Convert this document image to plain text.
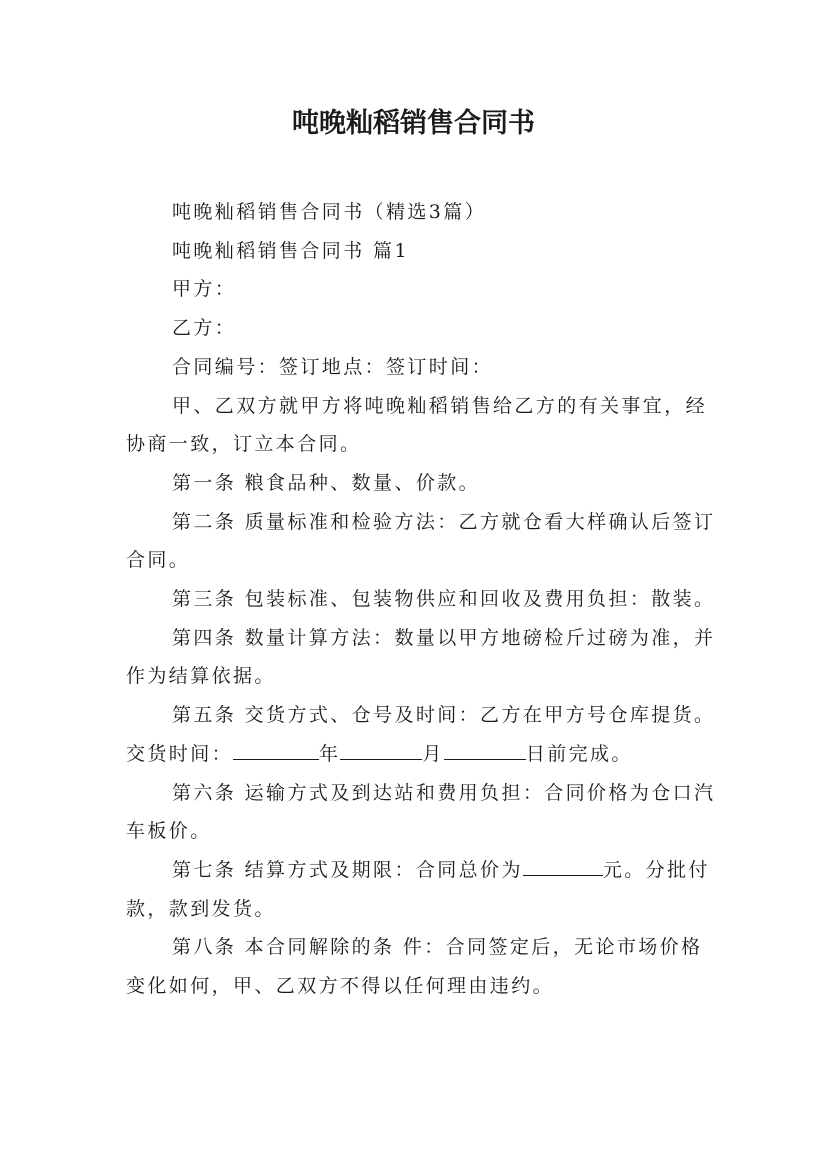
吨晚籼稻销售合同书

吨晚籼稻销售合同书（精选3篇）

吨晚籼稻销售合同书 篇1

甲方：

乙方：

合同编号：签订地点：签订时间：

甲、乙双方就甲方将吨晚籼稻销售给乙方的有关事宜，经协商一致，订立本合同。

第一条 粮食品种、数量、价款。

第二条 质量标准和检验方法：乙方就仓看大样确认后签订合同。

第三条 包装标准、包装物供应和回收及费用负担：散装。

第四条 数量计算方法：数量以甲方地磅检斤过磅为准，并作为结算依据。

第五条 交货方式、仓号及时间：乙方在甲方号仓库提货。交货时间：	年	月	日前完成。

第六条 运输方式及到达站和费用负担：合同价格为仓口汽车板价。

第七条 结算方式及期限：合同总价为	元。分批付款，款到发货。

第八条 本合同解除的条 件：合同签定后，无论市场价格变化如何，甲、乙双方不得以任何理由违约。
